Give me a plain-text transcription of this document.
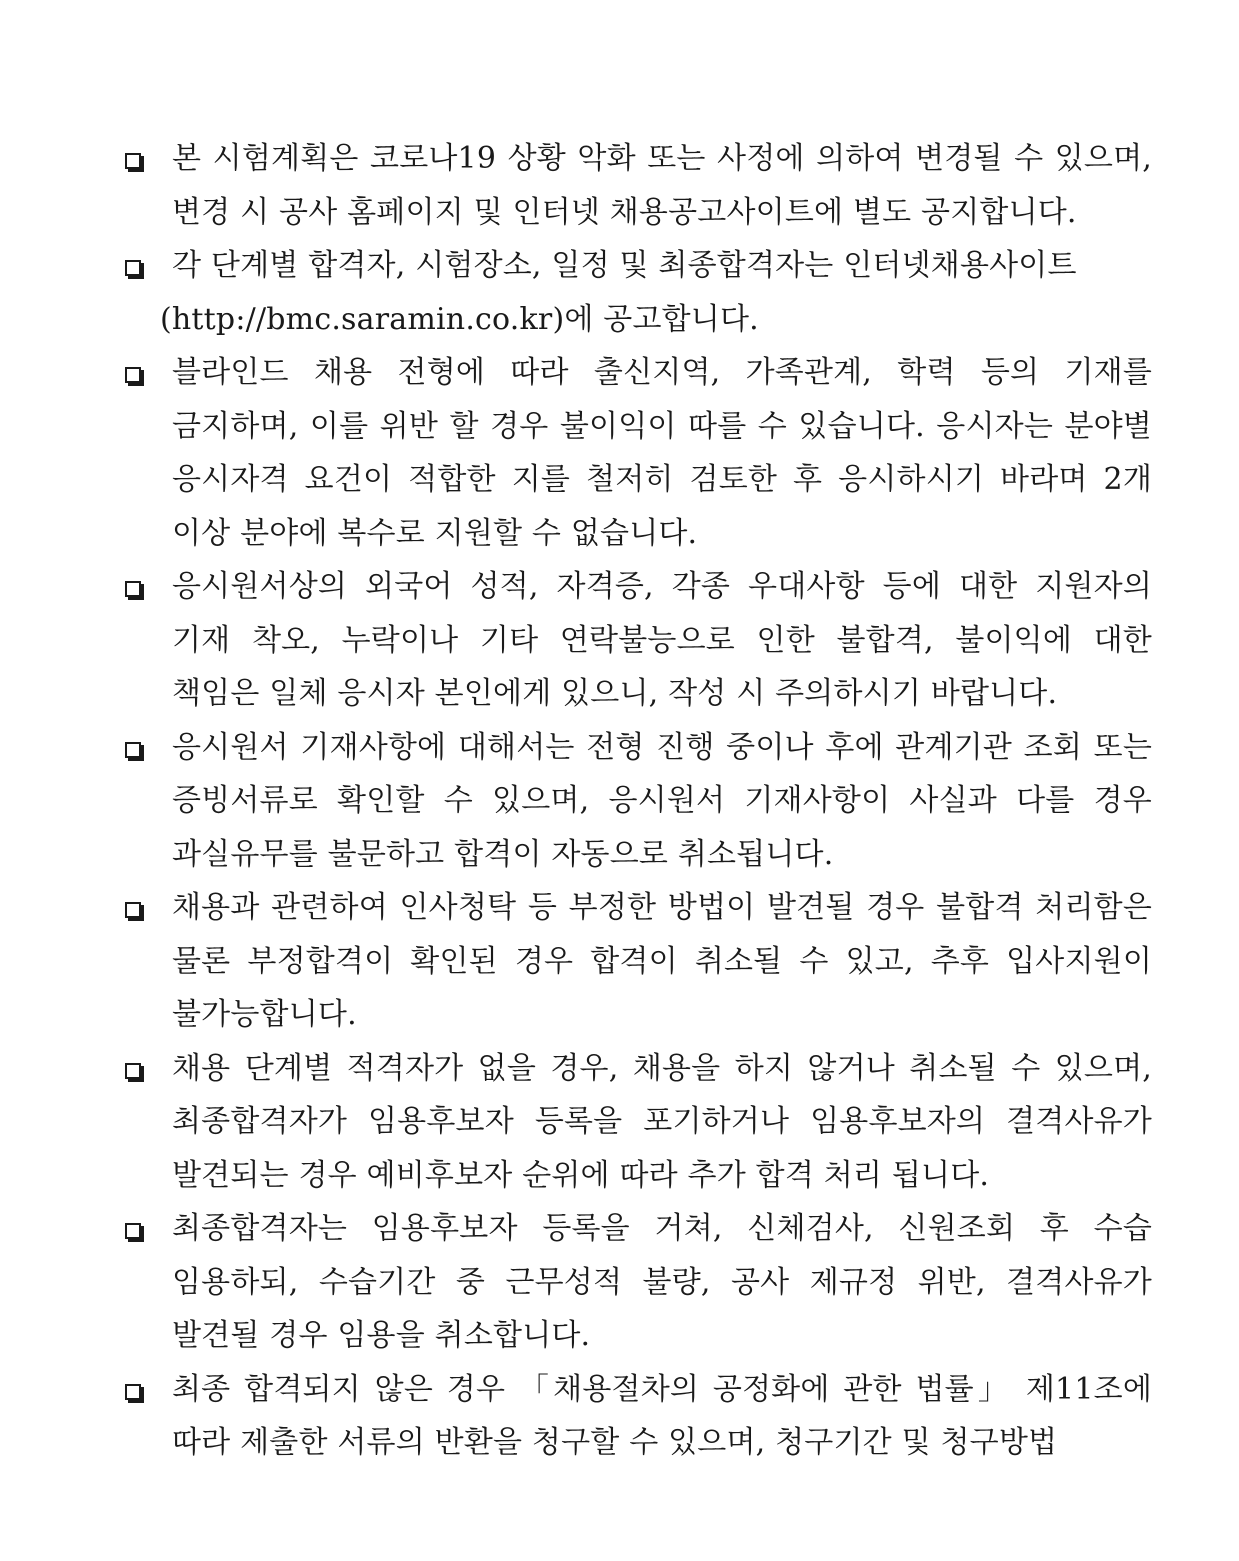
본 시험계획은 코로나19 상황 악화 또는 사정에 의하여 변경될 수 있으며, 변경 시 공사 홈페이지 및 인터넷 채용공고사이트에 별도 공지합니다.
각 단계별 합격자, 시험장소, 일정 및 최종합격자는 인터넷채용사이트
(http://bmc.saramin.co.kr)에 공고합니다.
블라인드 채용 전형에 따라 출신지역, 가족관계, 학력 등의 기재를 금지하며, 이를 위반 할 경우 불이익이 따를 수 있습니다. 응시자는 분야별 응시자격 요건이 적합한 지를 철저히 검토한 후 응시하시기 바라며 2개 이상 분야에 복수로 지원할 수 없습니다.
응시원서상의 외국어 성적, 자격증, 각종 우대사항 등에 대한 지원자의 기재 착오, 누락이나 기타 연락불능으로 인한 불합격, 불이익에 대한 책임은 일체 응시자 본인에게 있으니, 작성 시 주의하시기 바랍니다.
응시원서 기재사항에 대해서는 전형 진행 중이나 후에 관계기관 조회 또는 증빙서류로 확인할 수 있으며, 응시원서 기재사항이 사실과 다를 경우 과실유무를 불문하고 합격이 자동으로 취소됩니다.
채용과 관련하여 인사청탁 등 부정한 방법이 발견될 경우 불합격 처리함은 물론 부정합격이 확인된 경우 합격이 취소될 수 있고, 추후 입사지원이 불가능합니다.
채용 단계별 적격자가 없을 경우, 채용을 하지 않거나 취소될 수 있으며, 최종합격자가 임용후보자 등록을 포기하거나 임용후보자의 결격사유가 발견되는 경우 예비후보자 순위에 따라 추가 합격 처리 됩니다.
최종합격자는 임용후보자 등록을 거쳐, 신체검사, 신원조회 후 수습 임용하되, 수습기간 중 근무성적 불량, 공사 제규정 위반, 결격사유가 발견될 경우 임용을 취소합니다.
최종 합격되지 않은 경우 「채용절차의 공정화에 관한 법률」 제11조에 따라 제출한 서류의 반환을 청구할 수 있으며, 청구기간 및 청구방법
